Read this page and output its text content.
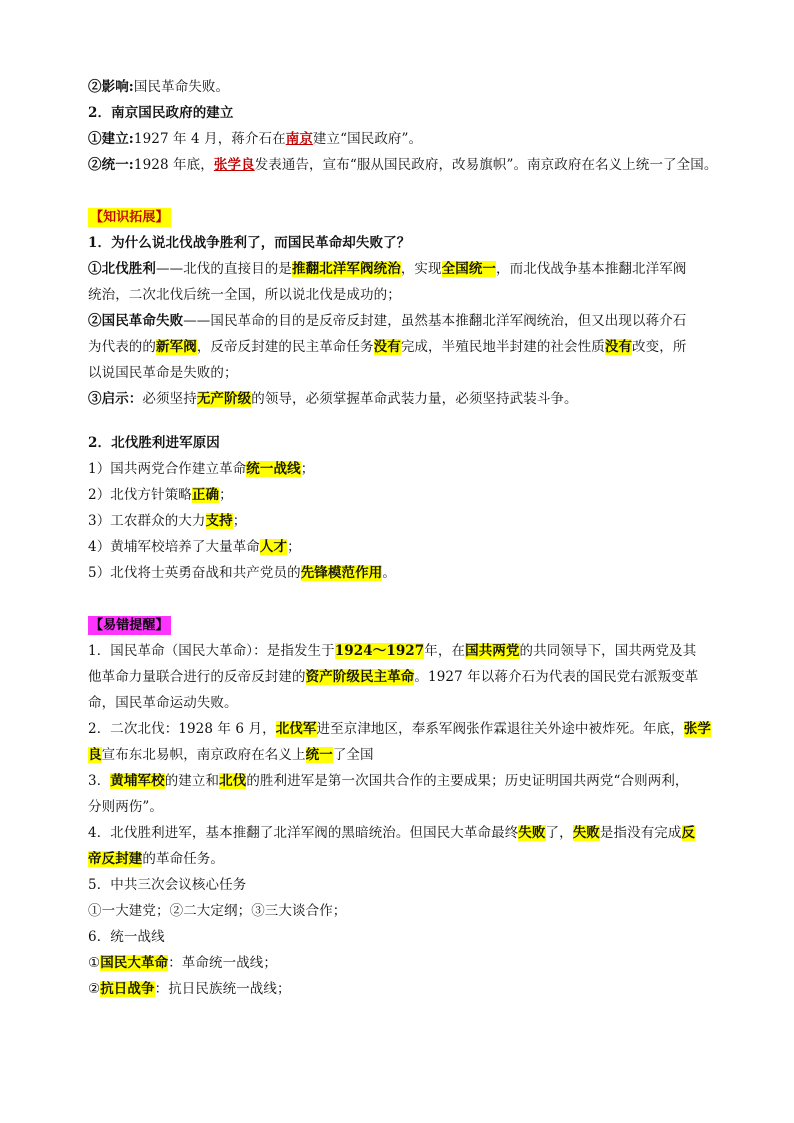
②影响:国民革命失败。
2．南京国民政府的建立
①建立:1927 年 4 月，蒋介石在南京建立“国民政府”。
②统一:1928 年底，张学良发表通告，宣布“服从国民政府，改易旗帜”。南京政府在名义上统一了全国。
【知识拓展】
1．为什么说北伐战争胜利了，而国民革命却失败了？
①北伐胜利——北伐的直接目的是推翻北洋军阀统治，实现全国统一，而北伐战争基本推翻北洋军阀
统治，二次北伐后统一全国，所以说北伐是成功的；
②国民革命失败——国民革命的目的是反帝反封建，虽然基本推翻北洋军阀统治，但又出现以蒋介石
为代表的的新军阀，反帝反封建的民主革命任务没有完成，半殖民地半封建的社会性质没有改变，所
以说国民革命是失败的；
③启示：必须坚持无产阶级的领导，必须掌握革命武装力量，必须坚持武装斗争。
2．北伐胜利进军原因
1）国共两党合作建立革命统一战线；
2）北伐方针策略正确；
3）工农群众的大力支持；
4）黄埔军校培养了大量革命人才；
5）北伐将士英勇奋战和共产党员的先锋模范作用。
【易错提醒】
1．国民革命（国民大革命）：是指发生于1924～1927年，在国共两党的共同领导下，国共两党及其
他革命力量联合进行的反帝反封建的资产阶级民主革命。1927 年以蒋介石为代表的国民党右派叛变革
命，国民革命运动失败。
2．二次北伐：1928 年 6 月，北伐军进至京津地区，奉系军阀张作霖退往关外途中被炸死。年底，张学
良宣布东北易帜，南京政府在名义上统一了全国
3．黄埔军校的建立和北伐的胜利进军是第一次国共合作的主要成果；历史证明国共两党“合则两利，
分则两伤”。
4．北伐胜利进军，基本推翻了北洋军阀的黑暗统治。但国民大革命最终失败了，失败是指没有完成反
帝反封建的革命任务。
5．中共三次会议核心任务
①一大建党；②二大定纲；③三大谈合作；
6．统一战线
①国民大革命：革命统一战线；
②抗日战争：抗日民族统一战线；
